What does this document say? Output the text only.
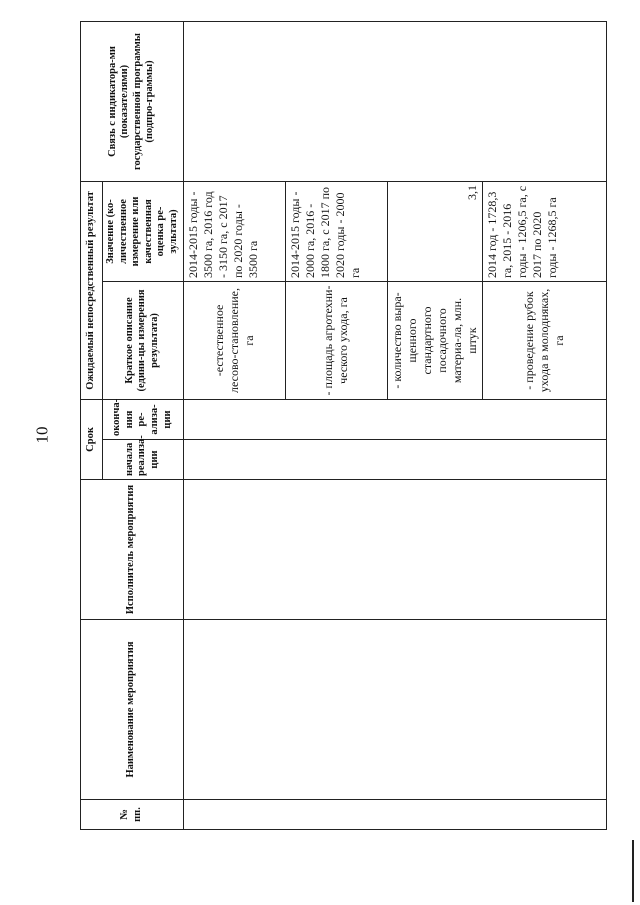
10
№ пп.	Наименование мероприятия	Исполнитель мероприятия	Срок		Ожидаемый непосредственный результат		Связь с индикатора-ми (показателями) государственной программы (подпро-граммы)
			начала реализа-ции	оконча-ния ре-ализа-ции	Краткое описание (едини-цы измерения результата)	Значение (ко-личественное измерение или качественная оценка ре-зультата)	
					-естественное лесово-становление, га	2014-2015 годы - 3500 га, 2016 год - 3150 га, с 2017 по 2020 годы - 3500 га	
					- площадь агротехни-ческого ухода, га	2014-2015 годы - 2000 га, 2016 - 1800 га, с 2017 по 2020 годы - 2000 га	
					- количество выра-щенного стандартного посадочного материа-ла, млн. штук	3,1	
					- проведение рубок ухода в молодняках, га	2014 год - 1728,3 га, 2015 - 2016 годы - 1206,5 га, с 2017 по 2020 годы - 1268,5 га	
